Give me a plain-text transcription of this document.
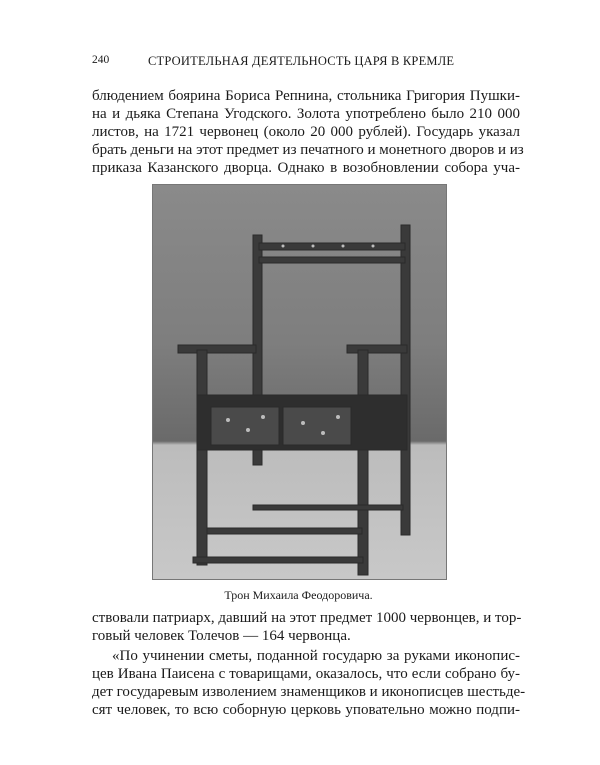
240	СТРОИТЕЛЬНАЯ ДЕЯТЕЛЬНОСТЬ ЦАРЯ В КРЕМЛЕ
блюдением боярина Бориса Репнина, стольника Григория Пушки-
на и дьяка Степана Угодского. Золота употреблено было 210 000
листов, на 1721 червонец (около 20 000 рублей). Государь указал
брать деньги на этот предмет из печатного и монетного дворов и из
приказа Казанского дворца. Однако в возобновлении собора уча-
Трон Михаила Феодоровича.
ствовали патриарх, давший на этот предмет 1000 червонцев, и тор-
говый человек Толечов — 164 червонца.
«По учинении сметы, поданной государю за руками иконопис-
цев Ивана Паисена с товарищами, оказалось, что если собрано бу-
дет государевым изволением знаменщиков и иконописцев шестьде-
сят человек, то всю соборную церковь уповательно можно подпи-
